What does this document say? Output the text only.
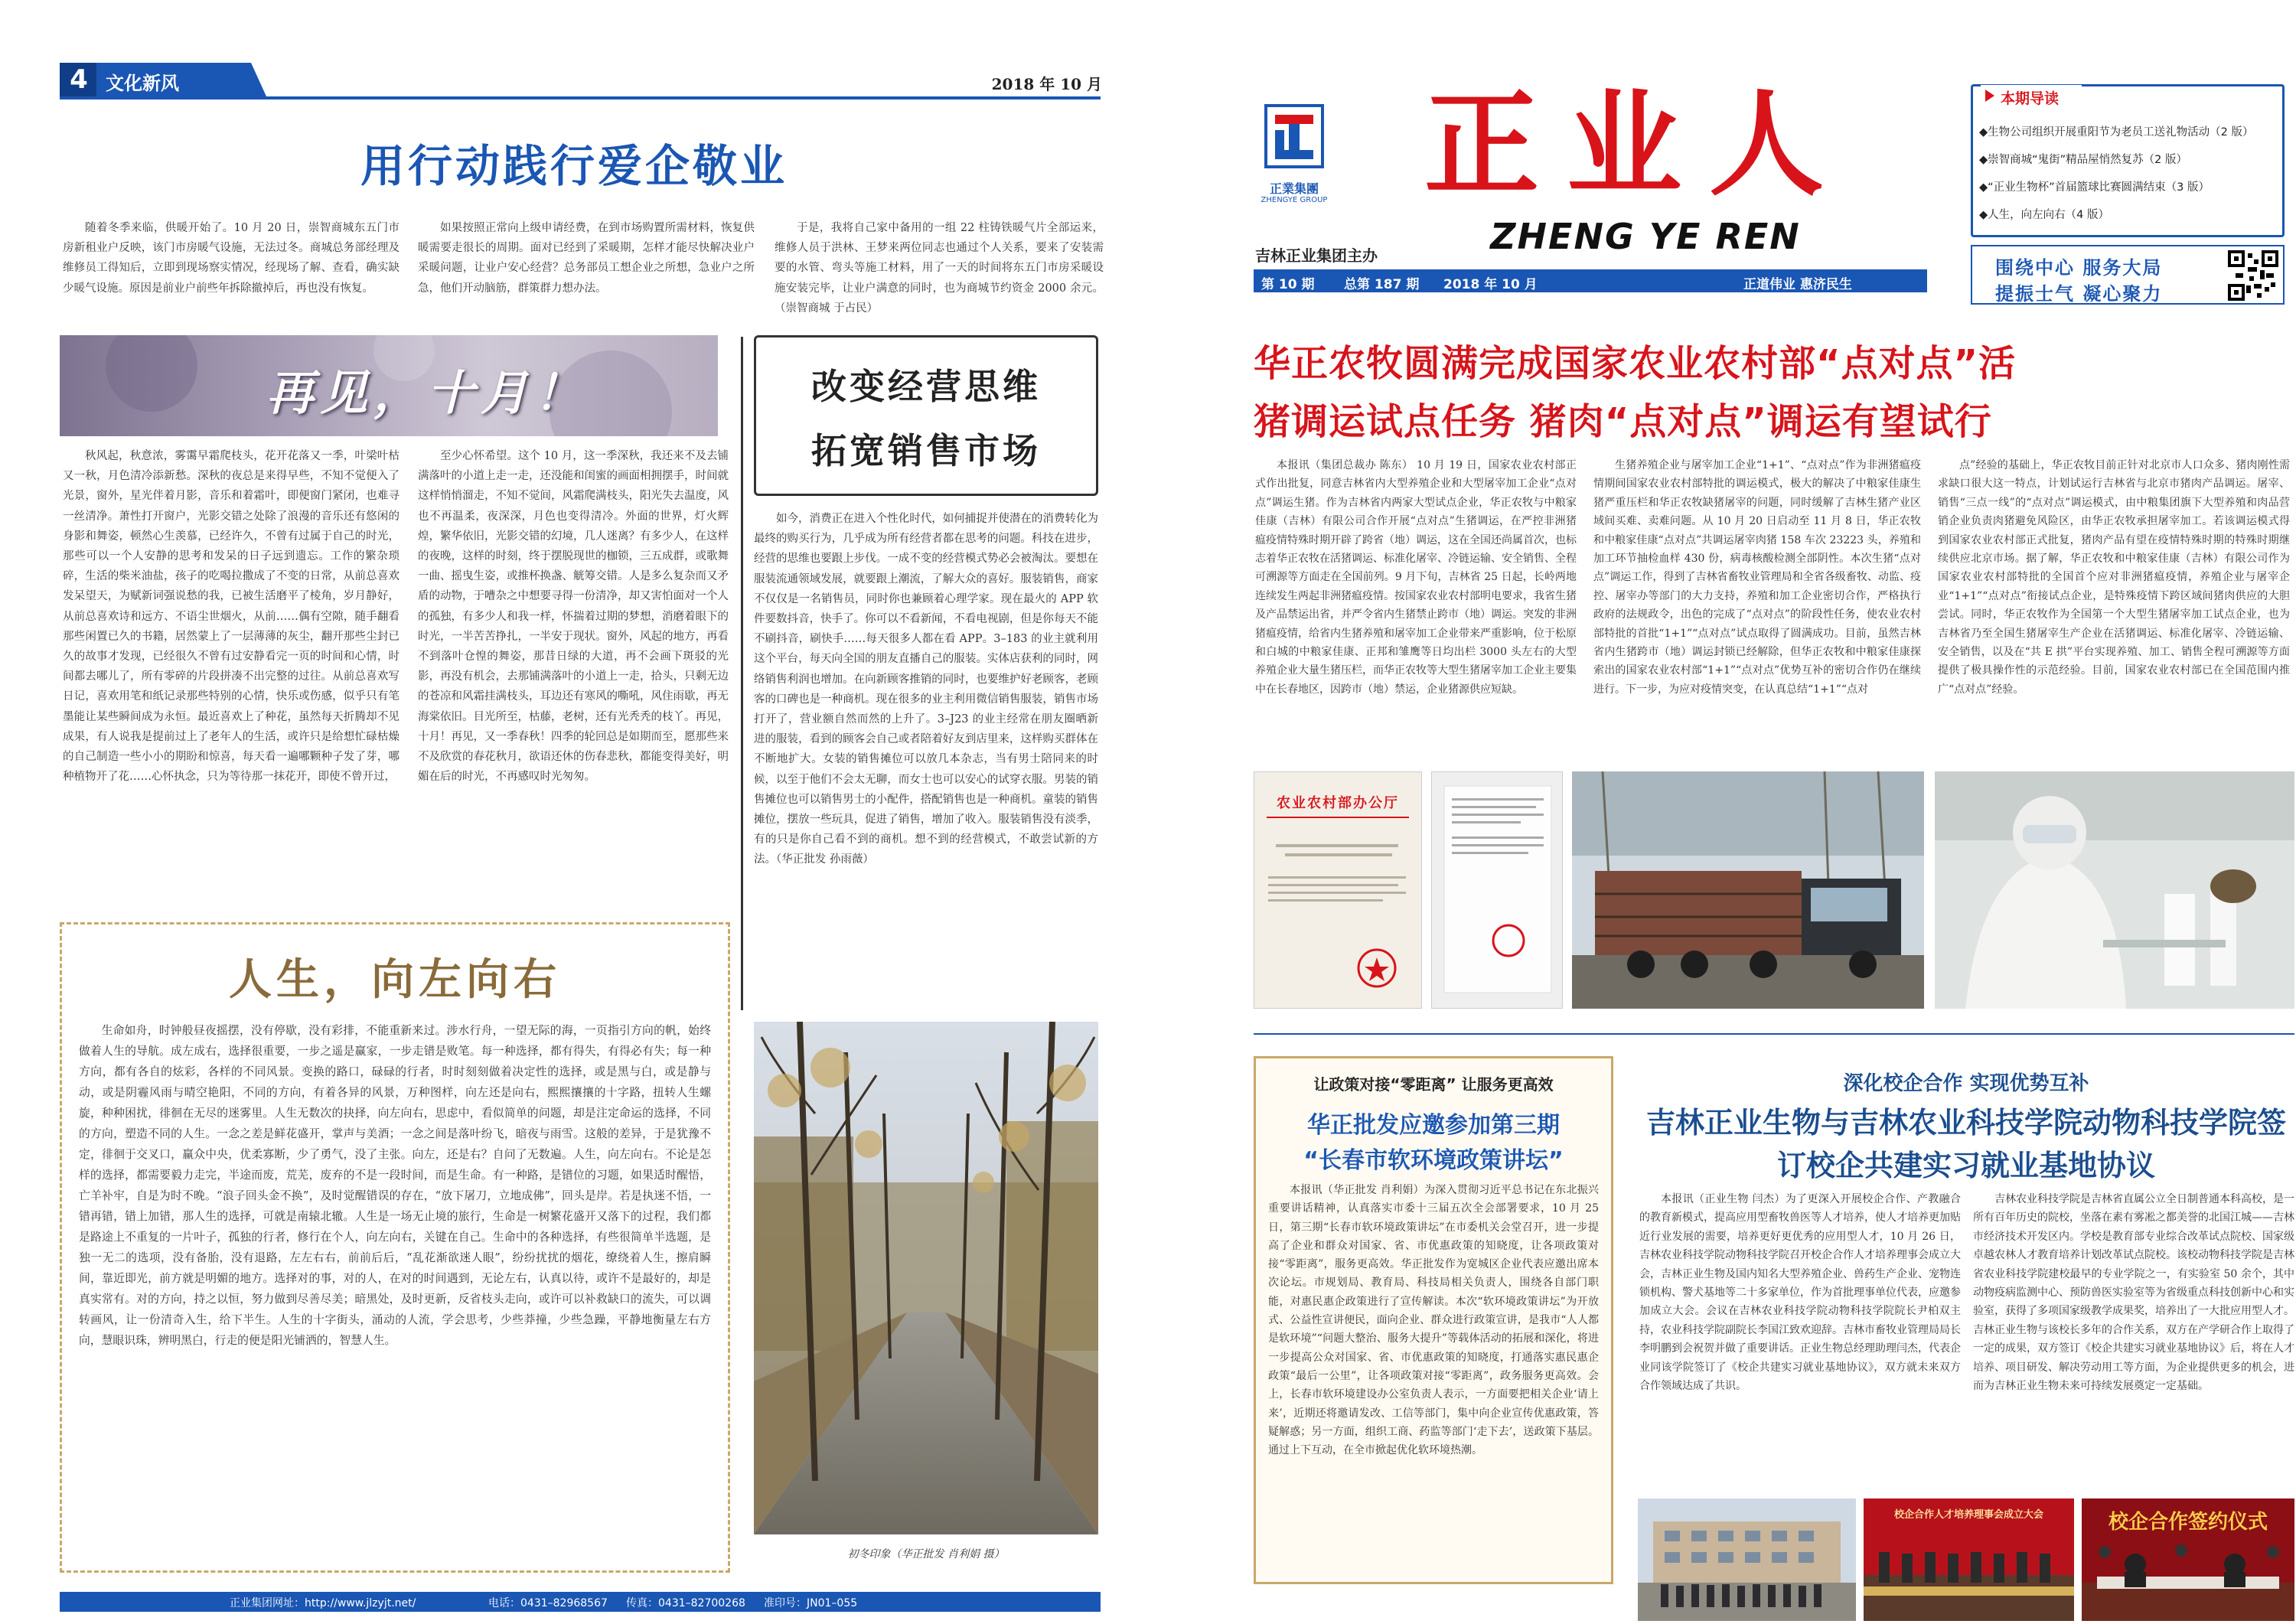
4 文化新风	2018 年 10 月
用行动践行爱企敬业
随着冬季来临，供暖开始了。10 月 20 日，崇智商城东五门市房新租业户反映，该门市房暖气设施，无法过冬。商城总务部经理及维修员工得知后，立即到现场察实情况，经现场了解、查看，确实缺少暖气设施。原因是前业户前些年拆除撤掉后，再也没有恢复。
如果按照正常向上级申请经费，在到市场购置所需材料，恢复供暖需要走很长的周期。面对已经到了采暖期，怎样才能尽快解决业户采暖问题，让业户安心经营？总务部员工想企业之所想，急业户之所急，他们开动脑筋，群策群力想办法。
于是，我将自己家中备用的一组 22 柱铸铁暖气片全部运来，维修人员于洪林、王梦来两位同志也通过个人关系，要来了安装需要的水管、弯头等施工材料，用了一天的时间将东五门市房采暖设施安装完毕，让业户满意的同时，也为商城节约资金 2000 余元。（崇智商城 于占民）
再见，十月！
秋风起，秋意浓，雾霭早霜爬枝头，花开花落又一季，叶梁叶枯又一秋，月色清冷添新愁。深秋的夜总是来得早些，不知不觉便入了光景，窗外，星光伴着月影，音乐和着霜叶，即便窗门紧闭，也难寻一丝清净。萧性打开窗户，光影交错之处除了浪漫的音乐还有悠闲的身影和舞姿，顿然心生羡慕，已经许久，不曾有过属于自己的时光，那些可以一个人安静的思考和发呆的日子远到遗忘。工作的繁杂琐碎，生活的柴米油盐，孩子的吃喝拉撒成了不变的日常，从前总喜欢发呆望天，为赋新词强说愁的我，已被生活磨平了棱角，岁月静好，从前总喜欢诗和远方、不语尘世烟火，从前……偶有空隙，随手翻看那些闲置已久的书籍，居然蒙上了一层薄薄的灰尘，翻开那些尘封已久的故事才发现，已经很久不曾有过安静看完一页的时间和心情，时间都去哪儿了，所有零碎的片段拼凑不出完整的过往。从前总喜欢写日记，喜欢用笔和纸记录那些特别的心情，快乐或伤感，似乎只有笔墨能让某些瞬间成为永恒。最近喜欢上了种花，虽然每天折腾却不见成果，有人说我是提前过上了老年人的生活，或许只是给想忙碌枯燥的自己制造一些小小的期盼和惊喜，每天看一遍哪颗种子发了芽，哪种植物开了花……心怀执念，只为等待那一抹花开，即使不曾开过，
至少心怀希望。这个 10 月，这一季深秋，我还来不及去铺满落叶的小道上走一走，还没能和闺蜜的画面相拥摆手，时间就这样悄悄溜走，不知不觉间，风霜爬满枝头，阳光失去温度，风也不再温柔，夜深深，月色也变得清冷。外面的世界，灯火辉煌，繁华依旧，光影交错的幻境，几人迷离？有多少人，在这样的夜晚，这样的时刻，终于摆脱现世的枷锁，三五成群，或歌舞一曲、摇曳生姿，或推杯换盏、觥筹交错。人是多么复杂而又矛盾的动物，于嘈杂之中想要寻得一份清净，却又害怕面对一个人的孤独，有多少人和我一样，怀揣着过期的梦想，消磨着眼下的时光，一半苦苦挣扎，一半安于现状。窗外，风起的地方，再看不到落叶仓惶的舞姿，那昔日绿的大道，再不会画下斑驳的光影，再没有机会，去那铺满落叶的小道上一走，拾头，只剩无边的苍凉和风霜挂满枝头，耳边还有寒风的嘶吼，风住雨歇，再无海棠依旧。目光所至，枯藤，老树，还有光秃秃的枝丫。再见，十月！再见，又一季春秋！四季的轮回总是如期而至，愿那些来不及欣赏的春花秋月，欲语还休的伤春悲秋，都能变得美好，明媚在后的时光，不再感叹时光匆匆。
改变经营思维
拓宽销售市场
如今，消费正在进入个性化时代，如何捕捉并使潜在的消费转化为最终的购买行为，几乎成为所有经营者都在思考的问题。科技在进步，经营的思维也要跟上步伐。一成不变的经营模式势必会被淘汰。要想在服装流通领域发展，就要跟上潮流，了解大众的喜好。服装销售，商家不仅仅是一名销售员，同时你也兼顾着心理学家。现在最火的 APP 软件要数抖音，快手了。你可以不看新闻，不看电视剧，但是你每天不能不刷抖音，刷快手……每天很多人都在看 APP。3–183 的业主就利用这个平台，每天向全国的朋友直播自己的服装。实体店获利的同时，网络销售利润也增加。在向新顾客推销的同时，也要维护好老顾客，老顾客的口碑也是一种商机。现在很多的业主利用微信销售服装，销售市场打开了，营业额自然而然的上升了。3–J23 的业主经常在朋友圈晒新进的服装，看到的顾客会自己或者陪着好友到店里来，这样购买群体在不断地扩大。女装的销售摊位可以放几本杂志，当有男士陪同来的时候，以至于他们不会太无聊，而女士也可以安心的试穿衣服。男装的销售摊位也可以销售男士的小配件，搭配销售也是一种商机。童装的销售摊位，摆放一些玩具，促进了销售，增加了收入。服装销售没有淡季，有的只是你自己看不到的商机。想不到的经营模式，不敢尝试新的方法。（华正批发 孙雨薇）
人生，向左向右
生命如舟，时钟般昼夜摇摆，没有停歇，没有彩排，不能重新来过。涉水行舟，一望无际的海，一页指引方向的帆，始终做着人生的导航。成左成右，选择很重要，一步之遥是赢家，一步走错是败笔。每一种选择，都有得失，有得必有失；每一种方向，都有各自的炫彩，各样的不同风景。变换的路口，碌碌的行者，时时刻刻做着决定性的选择，或是黑与白，或是静与动，或是阴霾风雨与晴空艳阳，不同的方向，有着各异的风景，万种图样，向左还是向右，熙熙攘攘的十字路，扭转人生螺旋，种种困扰，徘徊在无尽的迷雾里。人生无数次的抉择，向左向右，思虑中，看似简单的问题，却是注定命运的选择，不同的方向，塑造不同的人生。一念之差是鲜花盛开，掌声与美酒；一念之间是落叶纷飞，暗夜与雨雪。这般的差异，于是犹豫不定，徘徊于交叉口，赢众中央，优柔寡断，少了勇气，没了主张。向左，还是右？自问了无数遍。人生，向左向右。不论是怎样的选择，都需要毅力走完，半途而废，荒芜，废弃的不是一段时间，而是生命。有一种路，是错位的习题，如果适时醒悟，亡羊补牢，自是为时不晚。“浪子回头金不换”，及时觉醒错误的存在，“放下屠刀，立地成佛”，回头是岸。若是执迷不悟，一错再错，错上加错，那人生的选择，可就是南辕北辙。人生是一场无止境的旅行，生命是一树繁花盛开又落下的过程，我们都是路途上不重复的一片叶子，孤独的行者，修行在个人，向左向右，关键在自己。生命中的各种选择，有些很简单半选题，是独一无二的选项，没有备胎，没有退路，左左右右，前前后后，“乱花渐欲迷人眼”，纷纷扰扰的烟花，缭绕着人生，擦肩瞬间，靠近即光，前方就是明媚的地方。选择对的事，对的人，在对的时间遇到，无论左右，认真以待，或许不是最好的，却是真实常有。对的方向，持之以恒，努力做到尽善尽美；暗黑处，及时更新，反省枝头走向，或许可以补救缺口的流失，可以调转画风，让一份清奇入生，给下半生。人生的十字街头，涌动的人流，学会思考，少些莽撞，少些急躁，平静地衡量左右方向，慧眼识珠，辨明黑白，行走的便是阳光铺洒的，智慧人生。
初冬印象（华正批发 肖利娟 摄）
正业集团网址：http://www.jlzyjt.net/	电话：0431–82968567 传真：0431–82700268 准印号：JN01–055
正業集團
ZHENGYE GROUP 正业人
ZHENG YE REN
吉林正业集团主办
第 10 期 总第 187 期 2018 年 10 月	正道伟业 惠济民生
本期导读
◆生物公司组织开展重阳节为老员工送礼物活动（2 版）
◆崇智商城“鬼街”精品屋悄然复苏（2 版）
◆“正业生物杯”首届篮球比赛圆满结束（3 版）
◆人生，向左向右（4 版）
围绕中心 服务大局
提振士气 凝心聚力
华正农牧圆满完成国家农业农村部“点对点”活
猪调运试点任务 猪肉“点对点”调运有望试行
本报讯（集团总裁办 陈东） 10 月 19 日，国家农业农村部正式作出批复，同意吉林省内大型养殖企业和大型屠宰加工企业“点对点”调运生猪。作为吉林省内两家大型试点企业，华正农牧与中粮家佳康（吉林）有限公司合作开展“点对点”生猪调运，在严控非洲猪瘟疫情特殊时期开辟了跨省（地）调运，这在全国还尚属首次，也标志着华正农牧在活猪调运、标准化屠宰、冷链运输、安全销售、全程可溯源等方面走在全国前列。9 月下旬，吉林省 25 日起，长岭两地连续发生两起非洲猪瘟疫情。按国家农业农村部明电要求，我省生猪及产品禁运出省，并严令省内生猪禁止跨市（地）调运。突发的非洲猪瘟疫情，给省内生猪养殖和屠宰加工企业带来严重影响，位于松原和白城的中粮家佳康、正邦和雏鹰等日均出栏 3000 头左右的大型养殖企业大量生猪压栏，而华正农牧等大型生猪屠宰加工企业主要集中在长春地区，因跨市（地）禁运，企业猪源供应短缺。
生猪养殖企业与屠宰加工企业“1+1”、“点对点”作为非洲猪瘟疫情期间国家农业农村部特批的调运模式，极大的解决了中粮家佳康生猪严重压栏和华正农牧缺猪屠宰的问题，同时缓解了吉林生猪产业区域间买难、卖难问题。从 10 月 20 日启动至 11 月 8 日，华正农牧和中粮家佳康“点对点”共调运屠宰肉猪 158 车次 23223 头，养殖和加工环节抽检血样 430 份，病毒核酸检测全部阴性。本次生猪“点对点”调运工作，得到了吉林省畜牧业管理局和全省各级畜牧、动监、疫控、屠宰办等部门的大力支持，养殖和加工企业密切合作，严格执行政府的法规政令，出色的完成了“点对点”的阶段性任务，使农业农村部特批的首批“1+1”“点对点”试点取得了圆满成功。目前，虽然吉林省内生猪跨市（地）调运封锁已经解除，但华正农牧和中粮家佳康探索出的国家农业农村部“1+1”“点对点”优势互补的密切合作仍在继续进行。下一步，为应对疫情突变，在认真总结“1+1”“点对
点”经验的基础上，华正农牧目前正针对北京市人口众多、猪肉刚性需求缺口很大这一特点，计划试运行吉林省与北京市猪肉产品调运。屠宰、销售“三点一线”的“点对点”调运模式，由中粮集团旗下大型养殖和肉品营销企业负责肉猪避免风险区，由华正农牧承担屠宰加工。若该调运模式得到国家农业农村部正式批复，猪肉产品有望在疫情特殊时期的特殊时期继续供应北京市场。据了解，华正农牧和中粮家佳康（吉林）有限公司作为国家农业农村部特批的全国首个应对非洲猪瘟疫情，养殖企业与屠宰企业“1+1”“点对点”衔接试点企业，是特殊疫情下跨区域间猪肉供应的大胆尝试。同时，华正农牧作为全国第一个大型生猪屠宰加工试点企业，也为吉林省乃至全国生猪屠宰生产企业在活猪调运、标准化屠宰、冷链运输、安全销售，以及在“共 E 拱”平台实现养殖、加工、销售全程可溯源等方面提供了极具操作性的示范经验。目前，国家农业农村部已在全国范围内推广“点对点”经验。
农业农村部办公厅
让政策对接“零距离” 让服务更高效
华正批发应邀参加第三期
“长春市软环境政策讲坛”
本报讯（华正批发 肖利娟）为深入贯彻习近平总书记在东北振兴重要讲话精神，认真落实市委十三届五次全会部署要求，10 月 25 日，第三期“长春市软环境政策讲坛”在市委机关会堂召开，进一步提高了企业和群众对国家、省、市优惠政策的知晓度，让各项政策对接“零距离”，服务更高效。华正批发作为宽城区企业代表应邀出席本次论坛。市规划局、教育局、科技局相关负责人，围绕各自部门职能，对惠民惠企政策进行了宣传解读。本次“软环境政策讲坛”为开放式、公益性宣讲便民，面向企业、群众进行政策宣讲，是我市“人人都是软环境”“问题大整治、服务大提升”等载体活动的拓展和深化，将进一步提高公众对国家、省、市优惠政策的知晓度，打通落实惠民惠企政策“最后一公里”，让各项政策对接“零距离”，政务服务更高效。会上，长春市软环境建设办公室负责人表示，一方面要把相关企业‘请上来’，近期还将邀请发改、工信等部门，集中向企业宣传优惠政策，答疑解惑；另一方面，组织工商、药监等部门‘走下去’，送政策下基层。通过上下互动，在全市掀起优化软环境热潮。
深化校企合作 实现优势互补
吉林正业生物与吉林农业科技学院动物科技学院签
订校企共建实习就业基地协议
本报讯（正业生物 闫杰）为了更深入开展校企合作、产教融合的教育新模式，提高应用型畜牧兽医等人才培养，使人才培养更加贴近行业发展的需要，培养更好更优秀的应用型人才，10 月 26 日，吉林农业科技学院动物科技学院召开校企合作人才培养理事会成立大会，吉林正业生物及国内知名大型养殖企业、兽药生产企业、宠物连锁机构、警犬基地等二十多家单位，作为首批理事单位代表，应邀参加成立大会。会议在吉林农业科技学院动物科技学院院长尹柏双主持，农业科技学院副院长李国江致欢迎辞。吉林市畜牧业管理局局长李明鹏到会祝贺并做了重要讲话。正业生物总经理助理闫杰，代表企业同该学院签订了《校企共建实习就业基地协议》，双方就未来双方合作领域达成了共识。
吉林农业科技学院是吉林省直属公立全日制普通本科高校，是一所有百年历史的院校，坐落在素有雾凇之都美誉的北国江城——吉林市经济技术开发区内。学校是教育部专业综合改革试点院校、国家级卓越农林人才教育培养计划改革试点院校。该校动物科技学院是吉林省农业科技学院建校最早的专业学院之一，有实验室 50 余个，其中动物疫病监测中心、预防兽医实验室等为省级重点科技创新中心和实验室，获得了多项国家级教学成果奖，培养出了一大批应用型人才。吉林正业生物与该校长多年的合作关系，双方在产学研合作上取得了一定的成果，双方签订《校企共建实习就业基地协议》后，将在人才培养、项目研发、解决劳动用工等方面，为企业提供更多的机会，进而为吉林正业生物未来可持续发展奠定一定基础。
校企合作人才培养理事会成立大会	校企合作签约仪式
